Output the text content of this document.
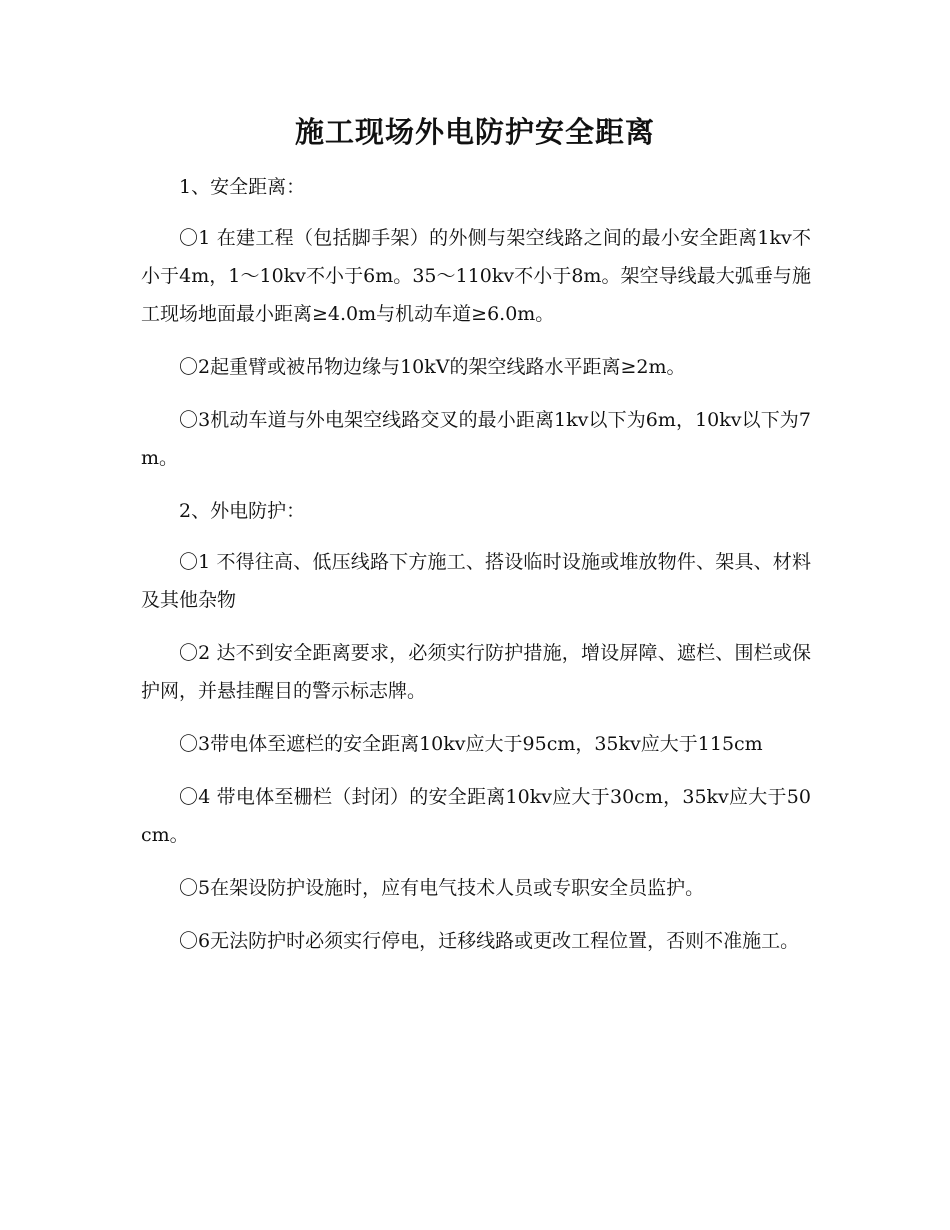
施工现场外电防护安全距离

1、安全距离：

〇1 在建工程（包括脚手架）的外侧与架空线路之间的最小安全距离1kv不小于4m，1～10kv不小于6m。35～110kv不小于8m。架空导线最大弧垂与施工现场地面最小距离≥4.0m与机动车道≥6.0m。

〇2起重臂或被吊物边缘与10kV的架空线路水平距离≥2m。

〇3机动车道与外电架空线路交叉的最小距离1kv以下为6m，10kv以下为7m。

2、外电防护：

〇1 不得往高、低压线路下方施工、搭设临时设施或堆放物件、架具、材料及其他杂物

〇2 达不到安全距离要求，必须实行防护措施，增设屏障、遮栏、围栏或保护网，并悬挂醒目的警示标志牌。

〇3带电体至遮栏的安全距离10kv应大于95cm，35kv应大于115cm

〇4 带电体至栅栏（封闭）的安全距离10kv应大于30cm，35kv应大于50cm。

〇5在架设防护设施时，应有电气技术人员或专职安全员监护。

〇6无法防护时必须实行停电，迁移线路或更改工程位置，否则不准施工。
